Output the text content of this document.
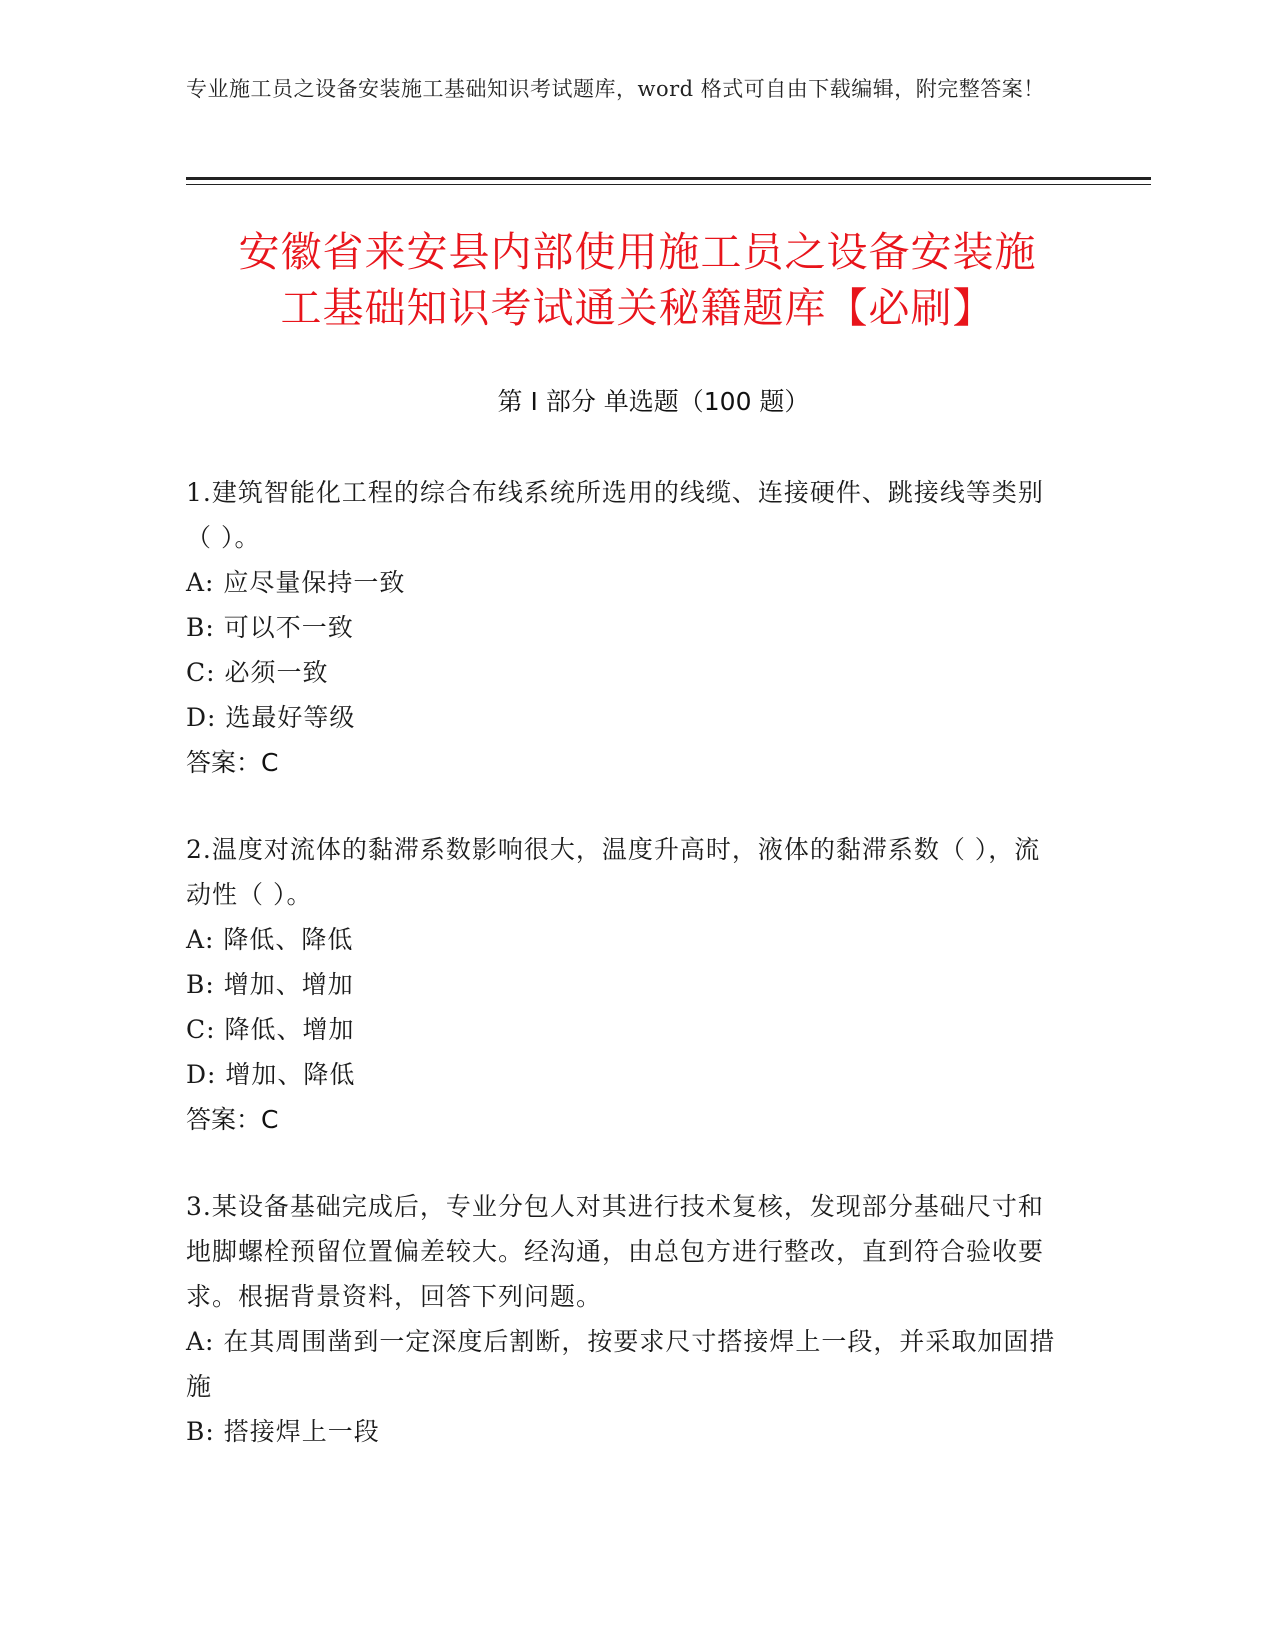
专业施工员之设备安装施工基础知识考试题库，word 格式可自由下载编辑，附完整答案！
安徽省来安县内部使用施工员之设备安装施
工基础知识考试通关秘籍题库【必刷】
第 I 部分 单选题（100 题）

1.建筑智能化工程的综合布线系统所选用的线缆、连接硬件、跳接线等类别（ ）。

A: 应尽量保持一致

B: 可以不一致

C: 必须一致

D: 选最好等级

答案：C

2.温度对流体的黏滞系数影响很大，温度升高时，液体的黏滞系数（ ），流动性（ ）。

A: 降低、降低

B: 增加、增加

C: 降低、增加

D: 增加、降低

答案：C

3.某设备基础完成后，专业分包人对其进行技术复核，发现部分基础尺寸和地脚螺栓预留位置偏差较大。经沟通，由总包方进行整改，直到符合验收要求。根据背景资料，回答下列问题。

A: 在其周围凿到一定深度后割断，按要求尺寸搭接焊上一段，并采取加固措施

B: 搭接焊上一段
